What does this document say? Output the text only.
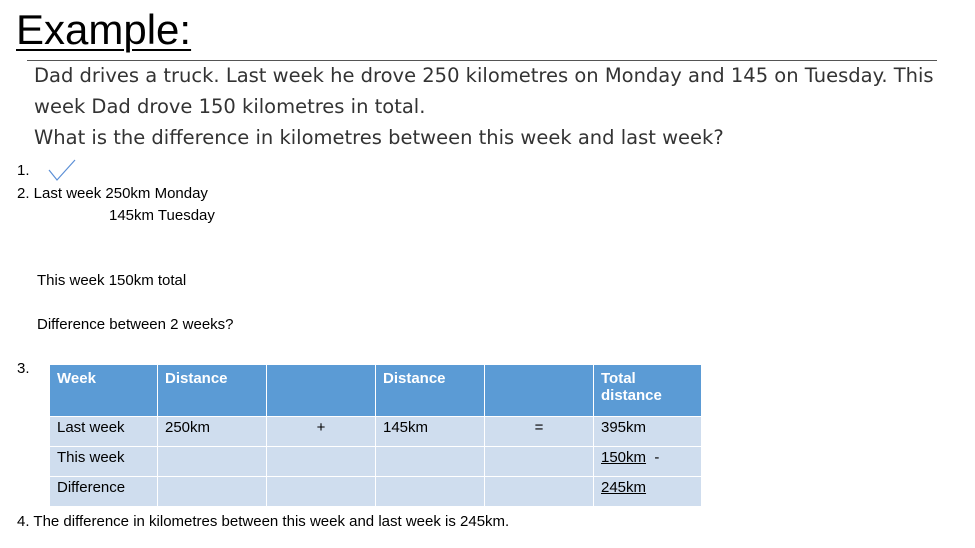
Example:
Dad drives a truck. Last week he drove 250 kilometres on Monday and 145 on Tuesday. This
week Dad drove 150 kilometres in total.
What is the difference in kilometres between this week and last week?
1.
2. Last week 250km Monday
145km Tuesday
This week 150km total
Difference between 2 weeks?
3.
Week	Distance		Distance		Total distance
Last week	250km	+	145km	=	395km
This week					150km -
Difference					245km
4. The difference in kilometres between this week and last week is 245km.
